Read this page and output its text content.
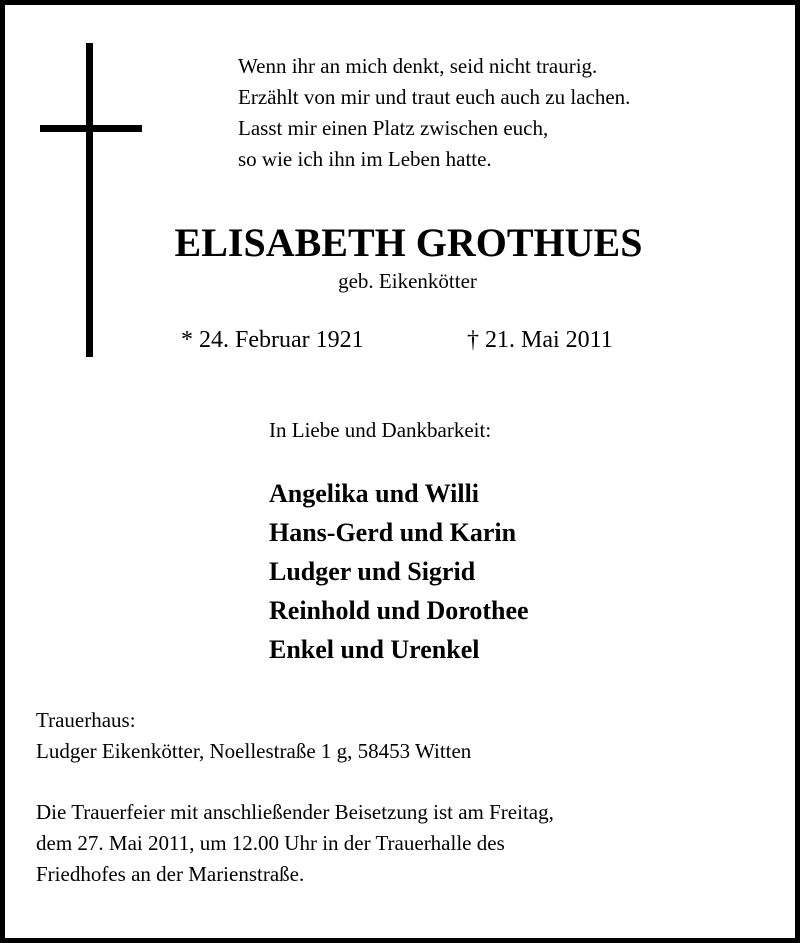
Wenn ihr an mich denkt, seid nicht traurig.
Erzählt von mir und traut euch auch zu lachen.
Lasst mir einen Platz zwischen euch,
so wie ich ihn im Leben hatte.
ELISABETH GROTHUES
geb. Eikenkötter
* 24. Februar 1921	† 21. Mai 2011
In Liebe und Dankbarkeit:
Angelika und Willi
Hans-Gerd und Karin
Ludger und Sigrid
Reinhold und Dorothee
Enkel und Urenkel
Trauerhaus:
Ludger Eikenkötter, Noellestraße 1 g, 58453 Witten
Die Trauerfeier mit anschließender Beisetzung ist am Freitag,
dem 27. Mai 2011, um 12.00 Uhr in der Trauerhalle des
Friedhofes an der Marienstraße.
